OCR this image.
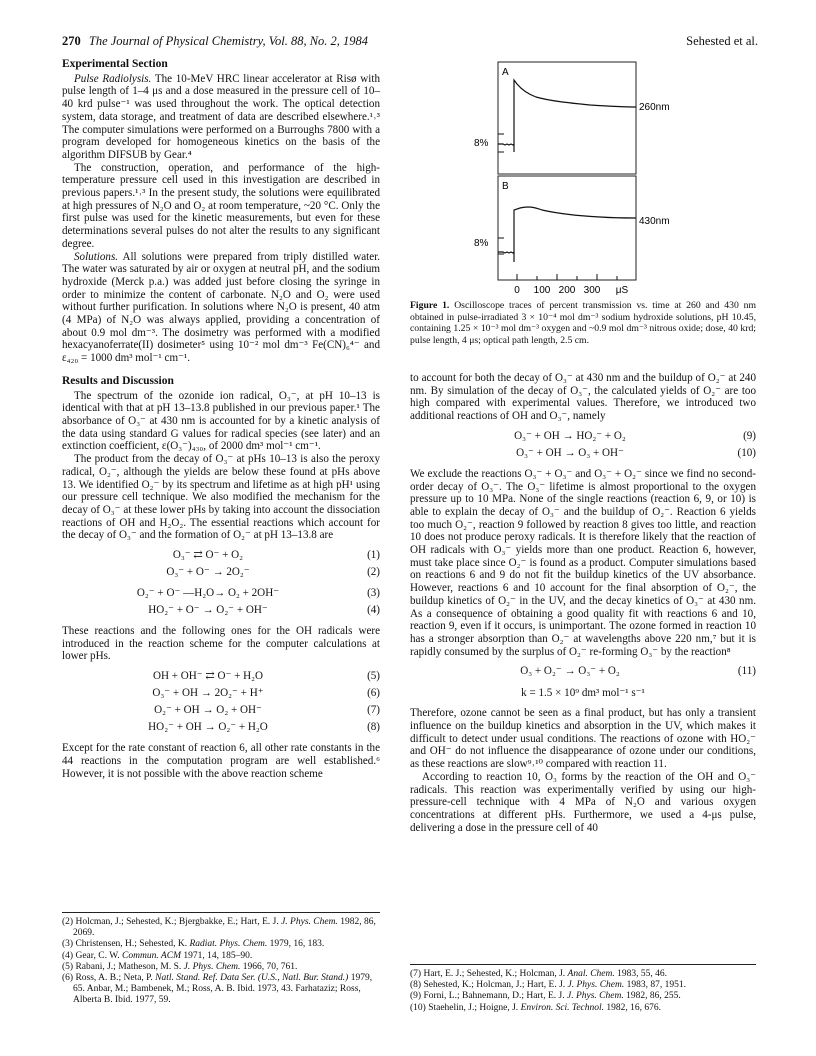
270 The Journal of Physical Chemistry, Vol. 88, No. 2, 1984	Sehested et al.
Experimental Section

Pulse Radiolysis. The 10-MeV HRC linear accelerator at Risø with pulse length of 1–4 μs and a dose measured in the pressure cell of 10–40 krd pulse⁻¹ was used throughout the work. The optical detection system, data storage, and treatment of data are described elsewhere.¹˒³ The computer simulations were performed on a Burroughs 7800 with a program developed for homogeneous kinetics on the basis of the algorithm DIFSUB by Gear.⁴

The construction, operation, and performance of the high-temperature pressure cell used in this investigation are described in previous papers.¹˒³ In the present study, the solutions were equilibrated at high pressures of N₂O and O₂ at room temperature, ~20 °C. Only the first pulse was used for the kinetic measurements, but even for these determinations several pulses do not alter the results to any significant degree.

Solutions. All solutions were prepared from triply distilled water. The water was saturated by air or oxygen at neutral pH, and the sodium hydroxide (Merck p.a.) was added just before closing the syringe in order to minimize the content of carbonate. N₂O and O₂ were used without further purification. In solutions where N₂O is present, 40 atm (4 MPa) of N₂O was always applied, providing a concentration of about 0.9 mol dm⁻³. The dosimetry was performed with a modified hexacyanoferrate(II) dosimeter⁵ using 10⁻² mol dm⁻³ Fe(CN)₆⁴⁻ and ε₄₂₀ = 1000 dm³ mol⁻¹ cm⁻¹.

Results and Discussion

The spectrum of the ozonide ion radical, O₃⁻, at pH 10–13 is identical with that at pH 13–13.8 published in our previous paper.¹ The absorbance of O₃⁻ at 430 nm is accounted for by a kinetic analysis of the data using standard G values for radical species (see later) and an extinction coefficient, ε(O₃⁻)₄₃₀, of 2000 dm³ mol⁻¹ cm⁻¹.

The product from the decay of O₃⁻ at pHs 10–13 is also the peroxy radical, O₂⁻, although the yields are below these found at pHs above 13. We identified O₂⁻ by its spectrum and lifetime as at high pH¹ using our pressure cell technique. We also modified the mechanism for the decay of O₃⁻ at these lower pHs by taking into account the dissociation reactions of OH and H₂O₂. The essential reactions which account for the decay of O₃⁻ and the formation of O₂⁻ at pH 13–13.8 are

O₃⁻ ⇄ O⁻ + O₂	(1)
O₃⁻ + O⁻ → 2O₂⁻	(2)
O₂⁻ + O⁻ —H₂O→ O₂ + 2OH⁻	(3)
HO₂⁻ + O⁻ → O₂⁻ + OH⁻	(4)

These reactions and the following ones for the OH radicals were introduced in the reaction scheme for the computer calculations at lower pHs.

OH + OH⁻ ⇄ O⁻ + H₂O	(5)
O₃⁻ + OH → 2O₂⁻ + H⁺	(6)
O₂⁻ + OH → O₂ + OH⁻	(7)
HO₂⁻ + OH → O₂⁻ + H₂O	(8)

Except for the rate constant of reaction 6, all other rate constants in the 44 reactions in the computation program are well established.⁶ However, it is not possible with the above reaction scheme

A
260nm
8%
B
430nm
8%
0 100 200 300 μS
Figure 1. Oscilloscope traces of percent transmission vs. time at 260 and 430 nm obtained in pulse-irradiated 3 × 10⁻⁴ mol dm⁻³ sodium hydroxide solutions, pH 10.45, containing 1.25 × 10⁻³ mol dm⁻³ oxygen and ~0.9 mol dm⁻³ nitrous oxide; dose, 40 krd; pulse length, 4 μs; optical path length, 2.5 cm.

to account for both the decay of O₃⁻ at 430 nm and the buildup of O₂⁻ at 240 nm. By simulation of the decay of O₃⁻, the calculated yields of O₂⁻ are too high compared with experimental values. Therefore, we introduced two additional reactions of OH and O₃⁻, namely

O₃⁻ + OH → HO₂⁻ + O₂	(9)
O₃⁻ + OH → O₃ + OH⁻	(10)

We exclude the reactions O₃⁻ + O₃⁻ and O₃⁻ + O₂⁻ since we find no second-order decay of O₃⁻. The O₃⁻ lifetime is almost proportional to the oxygen pressure up to 10 MPa. None of the single reactions (reaction 6, 9, or 10) is able to explain the decay of O₃⁻ and the buildup of O₂⁻. Reaction 6 yields too much O₂⁻, reaction 9 followed by reaction 8 gives too little, and reaction 10 does not produce peroxy radicals. It is therefore likely that the reaction of OH radicals with O₃⁻ yields more than one product. Reaction 6, however, must take place since O₂⁻ is found as a product. Computer simulations based on reactions 6 and 9 do not fit the buildup kinetics of the UV absorbance. However, reactions 6 and 10 account for the final absorption of O₂⁻, the buildup kinetics of O₂⁻ in the UV, and the decay kinetics of O₃⁻ at 430 nm. As a consequence of obtaining a good quality fit with reactions 6 and 10, reaction 9, even if it occurs, is unimportant. The ozone formed in reaction 10 has a stronger absorption than O₂⁻ at wavelengths above 220 nm,⁷ but it is rapidly consumed by the surplus of O₂⁻ re-forming O₃⁻ by the reaction⁸

O₃ + O₂⁻ → O₃⁻ + O₂	(11)
k = 1.5 × 10⁹ dm³ mol⁻¹ s⁻¹

Therefore, ozone cannot be seen as a final product, but has only a transient influence on the buildup kinetics and absorption in the UV, which makes it difficult to detect under usual conditions. The reactions of ozone with HO₂⁻ and OH⁻ do not influence the disappearance of ozone under our conditions, as these reactions are slow⁹˒¹⁰ compared with reaction 11.

According to reaction 10, O₃ forms by the reaction of the OH and O₃⁻ radicals. This reaction was experimentally verified by using our high-pressure-cell technique with 4 MPa of N₂O and various oxygen concentrations at different pHs. Furthermore, we used a 4-μs pulse, delivering a dose in the pressure cell of 40

(2) Holcman, J.; Sehested, K.; Bjergbakke, E.; Hart, E. J. J. Phys. Chem. 1982, 86, 2069.
(3) Christensen, H.; Sehested, K. Radiat. Phys. Chem. 1979, 16, 183.
(4) Gear, C. W. Commun. ACM 1971, 14, 185–90.
(5) Rabani, J.; Matheson, M. S. J. Phys. Chem. 1966, 70, 761.
(6) Ross, A. B.; Neta, P. Natl. Stand. Ref. Data Ser. (U.S., Natl. Bur. Stand.) 1979, 65. Anbar, M.; Bambenek, M.; Ross, A. B. Ibid. 1973, 43. Farhataziz; Ross, Alberta B. Ibid. 1977, 59.
(7) Hart, E. J.; Sehested, K.; Holcman, J. Anal. Chem. 1983, 55, 46.
(8) Sehested, K.; Holcman, J.; Hart, E. J. J. Phys. Chem. 1983, 87, 1951.
(9) Forni, L.; Bahnemann, D.; Hart, E. J. J. Phys. Chem. 1982, 86, 255.
(10) Staehelin, J.; Hoigne, J. Environ. Sci. Technol. 1982, 16, 676.
